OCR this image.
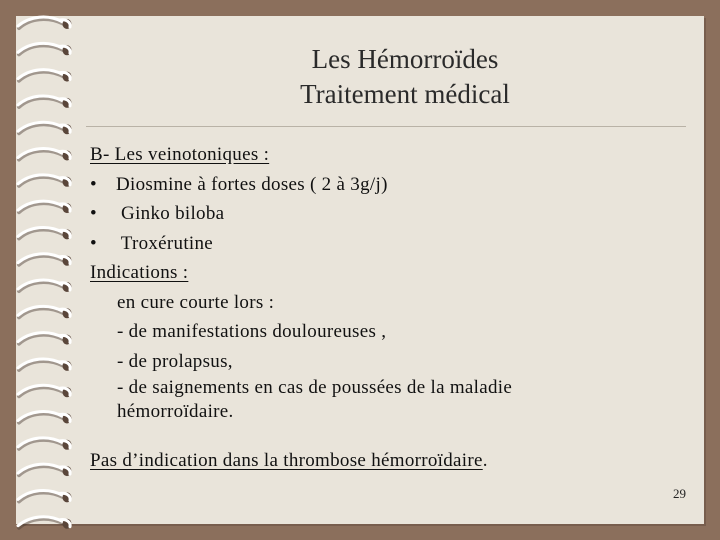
Les Hémorroïdes
Traitement médical
B- Les veinotoniques :
• Diosmine à fortes doses ( 2 à 3g/j)
• Ginko biloba
• Troxérutine
Indications :
en cure courte lors :
- de manifestations douloureuses ,
- de prolapsus,
- de saignements en cas de poussées de la maladie
hémorroïdaire.
Pas d’indication dans la thrombose hémorroïdaire.
29
